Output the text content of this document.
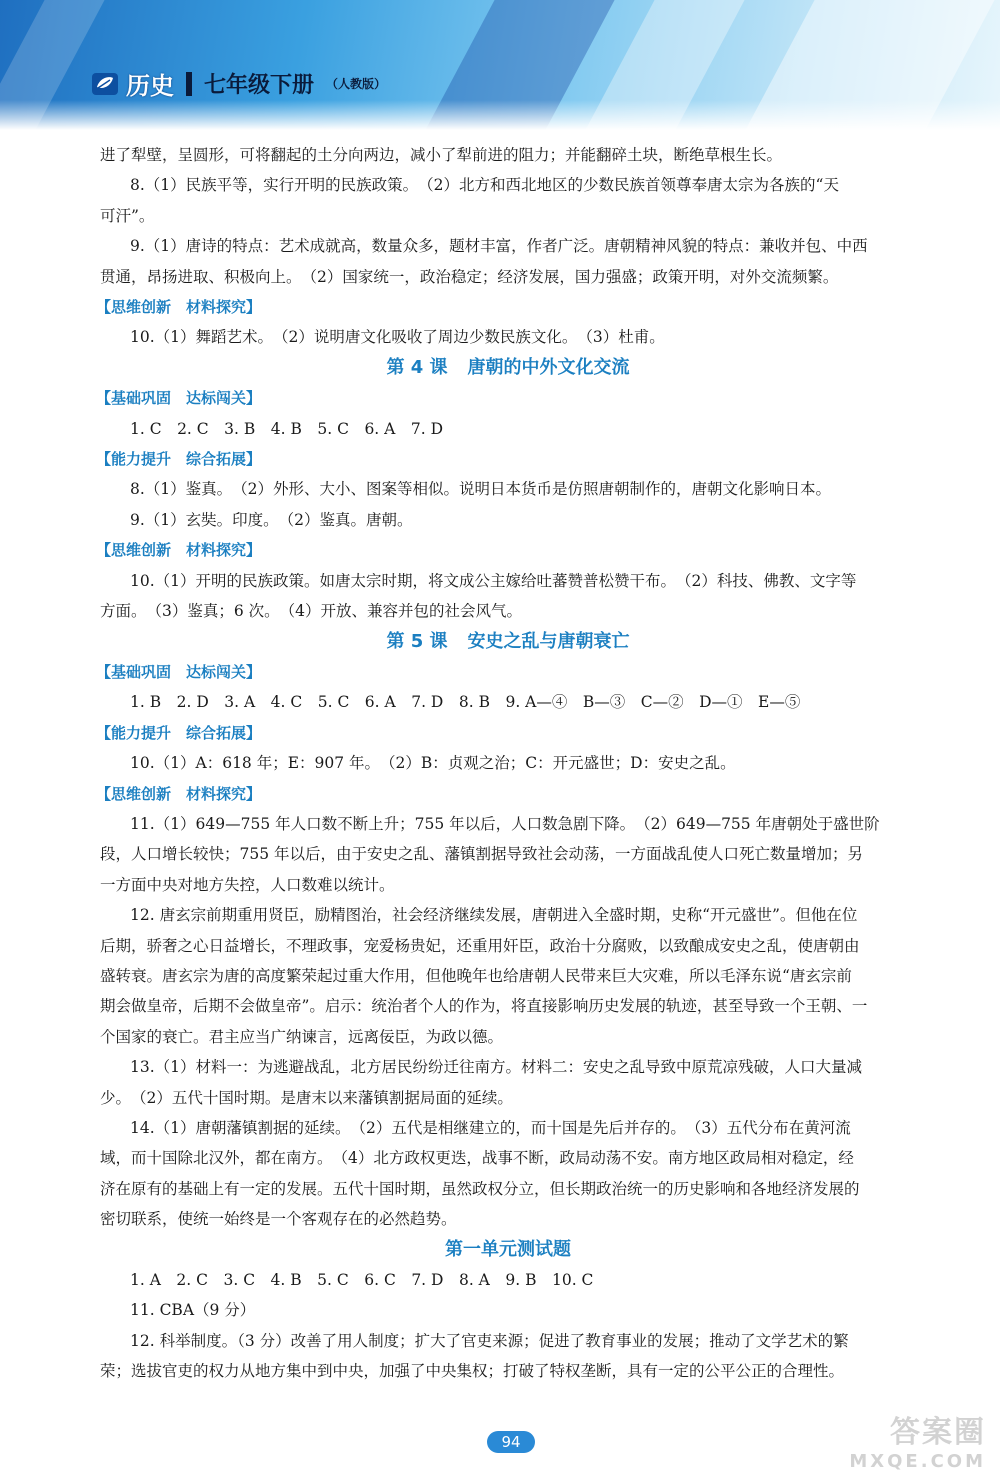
历史 七年级下册 （人教版）

进了犁壁，呈圆形，可将翻起的土分向两边，减小了犁前进的阻力；并能翻碎土块，断绝草根生长。

8.（1）民族平等，实行开明的民族政策。　（2）北方和西北地区的少数民族首领尊奉唐太宗为各族的“天

可汗”。

9.（1）唐诗的特点：艺术成就高，数量众多，题材丰富，作者广泛。唐朝精神风貌的特点：兼收并包、中西

贯通，昂扬进取、积极向上。　（2）国家统一，政治稳定；经济发展，国力强盛；政策开明，对外交流频繁。

【思维创新　材料探究】

10.（1）舞蹈艺术。　（2）说明唐文化吸收了周边少数民族文化。　（3）杜甫。

第 4 课 唐朝的中外文化交流

【基础巩固　达标闯关】

1. C　2. C　3. B　4. B　5. C　6. A　7. D

【能力提升　综合拓展】

8.（1）鉴真。　（2）外形、大小、图案等相似。说明日本货币是仿照唐朝制作的，唐朝文化影响日本。

9.（1）玄奘。印度。　（2）鉴真。唐朝。

【思维创新　材料探究】

10.（1）开明的民族政策。如唐太宗时期，将文成公主嫁给吐蕃赞普松赞干布。　（2）科技、佛教、文字等

方面。　（3）鉴真；6 次。　（4）开放、兼容并包的社会风气。

第 5 课 安史之乱与唐朝衰亡

【基础巩固　达标闯关】

1. B　2. D　3. A　4. C　5. C　6. A　7. D　8. B　9. A—④　B—③　C—②　D—①　E—⑤

【能力提升　综合拓展】

10.（1）A：618 年；E：907 年。　（2）B：贞观之治；C：开元盛世；D：安史之乱。

【思维创新　材料探究】

11.（1）649—755 年人口数不断上升；755 年以后，人口数急剧下降。　（2）649—755 年唐朝处于盛世阶

段，人口增长较快；755 年以后，由于安史之乱、藩镇割据导致社会动荡，一方面战乱使人口死亡数量增加；另

一方面中央对地方失控，人口数难以统计。

12. 唐玄宗前期重用贤臣，励精图治，社会经济继续发展，唐朝进入全盛时期，史称“开元盛世”。但他在位

后期，骄奢之心日益增长，不理政事，宠爱杨贵妃，还重用奸臣，政治十分腐败，以致酿成安史之乱，使唐朝由

盛转衰。唐玄宗为唐的高度繁荣起过重大作用，但他晚年也给唐朝人民带来巨大灾难，所以毛泽东说“唐玄宗前

期会做皇帝，后期不会做皇帝”。启示：统治者个人的作为，将直接影响历史发展的轨迹，甚至导致一个王朝、一

个国家的衰亡。君主应当广纳谏言，远离佞臣，为政以德。

13.（1）材料一：为逃避战乱，北方居民纷纷迁往南方。材料二：安史之乱导致中原荒凉残破，人口大量减

少。　（2）五代十国时期。是唐末以来藩镇割据局面的延续。

14.（1）唐朝藩镇割据的延续。　（2）五代是相继建立的，而十国是先后并存的。　（3）五代分布在黄河流

域，而十国除北汉外，都在南方。　（4）北方政权更迭，战事不断，政局动荡不安。南方地区政局相对稳定，经

济在原有的基础上有一定的发展。五代十国时期，虽然政权分立，但长期政治统一的历史影响和各地经济发展的

密切联系，使统一始终是一个客观存在的必然趋势。

第一单元测试题

1. A　2. C　3. C　4. B　5. C　6. C　7. D　8. A　9. B　10. C

11. CBA（9 分）

12. 科举制度。（3 分）改善了用人制度；扩大了官吏来源；促进了教育事业的发展；推动了文学艺术的繁

荣；选拔官吏的权力从地方集中到中央，加强了中央集权；打破了特权垄断，具有一定的公平公正的合理性。

94	答案圈
MXQE.COM
